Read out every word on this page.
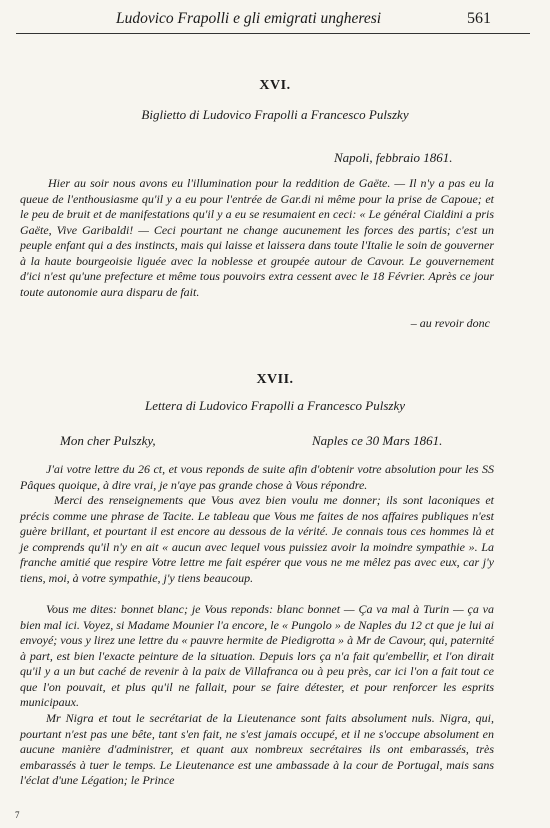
Ludovico Frapolli e gli emigrati ungheresi	561
XVI.
Biglietto di Ludovico Frapolli a Francesco Pulszky
Napoli, febbraio 1861.

Hier au soir nous avons eu l'illumination pour la reddition de Gaëte. — Il n'y a pas eu la queue de l'enthousiasme qu'il y a eu pour l'entrée de Gar.di ni même pour la prise de Capoue; et le peu de bruit et de manifestations qu'il y a eu se resumaient en ceci: « Le général Cialdini a pris Gaëte, Vive Garibaldi! — Ceci pourtant ne change aucunement les forces des partis; c'est un peuple enfant qui a des instincts, mais qui laisse et laissera dans toute l'Italie le soin de gouverner à la haute bourgeoisie liguée avec la noblesse et groupée autour de Cavour. Le gouvernement d'ici n'est qu'une prefecture et même tous pouvoirs extra cessent avec le 18 Février. Après ce jour toute autonomie aura disparu de fait.

– au revoir donc
XVII.
Lettera di Ludovico Frapolli a Francesco Pulszky
Mon cher Pulszky,	Naples ce 30 Mars 1861.

J'ai votre lettre du 26 ct, et vous reponds de suite afin d'obtenir votre absolution pour les SS Pâques quoique, à dire vrai, je n'aye pas grande chose à Vous répondre.

Merci des renseignements que Vous avez bien voulu me donner; ils sont laconiques et précis comme une phrase de Tacite. Le tableau que Vous me faites de nos affaires publiques n'est guère brillant, et pourtant il est encore au dessous de la vérité. Je connais tous ces hommes là et je comprends qu'il n'y en ait « aucun avec lequel vous puissiez avoir la moindre sympathie ». La franche amitié que respire Votre lettre me fait espérer que vous ne me mêlez pas avec eux, car j'y tiens, moi, à votre sympathie, j'y tiens beaucoup.

Vous me dites: bonnet blanc; je Vous reponds: blanc bonnet — Ça va mal à Turin — ça va bien mal ici. Voyez, si Madame Mounier l'a encore, le « Pungolo » de Naples du 12 ct que je lui ai envoyé; vous y lirez une lettre du « pauvre hermite de Piedigrotta » à Mr de Cavour, qui, paternité à part, est bien l'exacte peinture de la situation. Depuis lors ça n'a fait qu'embellir, et l'on dirait qu'il y a un but caché de revenir à la paix de Villafranca ou à peu près, car ici l'on a fait tout ce que l'on pouvait, et plus qu'il ne fallait, pour se faire détester, et pour renforcer les esprits municipaux.

Mr Nigra et tout le secrétariat de la Lieutenance sont faits absolument nuls. Nigra, qui, pourtant n'est pas une bête, tant s'en fait, ne s'est jamais occupé, et il ne s'occupe absolument en aucune manière d'administrer, et quant aux nombreux secrétaires ils ont embarassés, très embarassés à tuer le temps. Le Lieutenance est une ambassade à la cour de Portugal, mais sans l'éclat d'une Légation; le Prince

7
